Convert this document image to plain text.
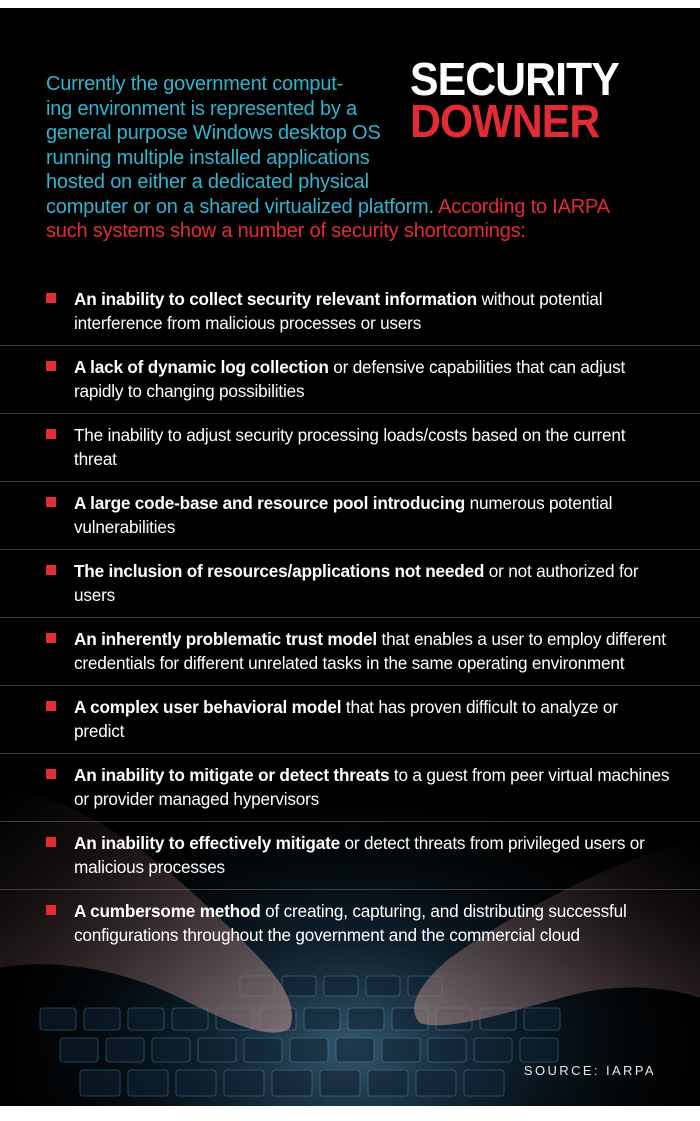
SECURITY
DOWNER
Currently the government comput-
ing environment is represented by a
general purpose Windows desktop OS
running multiple installed applications
hosted on either a dedicated physical
computer or on a shared virtualized platform. According to IARPA such systems show a number of security shortcomings:
An inability to collect security relevant information without potential interference from malicious processes or users
A lack of dynamic log collection or defensive capabilities that can adjust rapidly to changing possibilities
The inability to adjust security processing loads/costs based on the current threat
A large code-base and resource pool introducing numerous potential vulnerabilities
The inclusion of resources/applications not needed or not authorized for users
An inherently problematic trust model that enables a user to employ different credentials for different unrelated tasks in the same operating environment
A complex user behavioral model that has proven difficult to analyze or predict
An inability to mitigate or detect threats to a guest from peer virtual machines or provider managed hypervisors
An inability to effectively mitigate or detect threats from privileged users or malicious processes
A cumbersome method of creating, capturing, and distributing successful configurations throughout the government and the commercial cloud
SOURCE: IARPA
